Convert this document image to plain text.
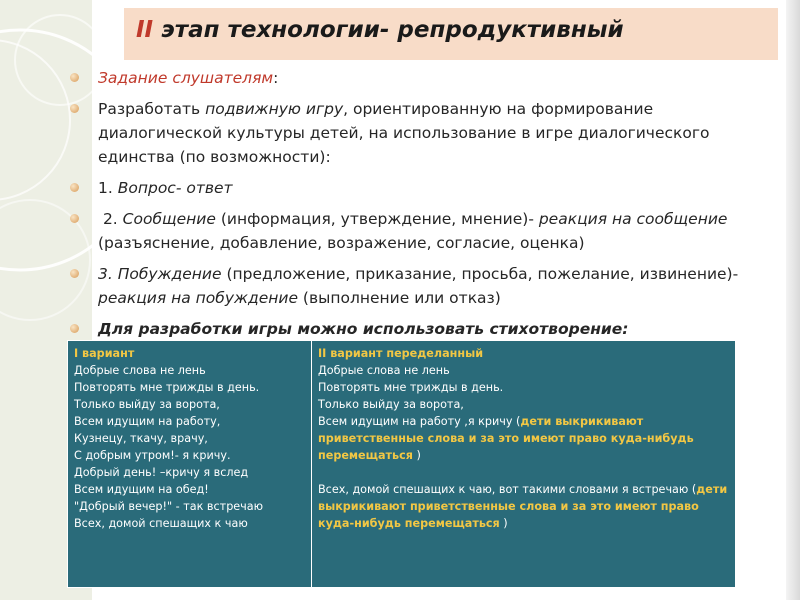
II этап технологии- репродуктивный
Задание слушателям:
Разработать подвижную игру, ориентированную на формирование диалогической культуры детей, на использование в игре диалогического единства (по возможности):
1. Вопрос- ответ
2. Сообщение (информация, утверждение, мнение)- реакция на сообщение (разъяснение, добавление, возражение, согласие, оценка)
3. Побуждение (предложение, приказание, просьба, пожелание, извинение)- реакция на побуждение (выполнение или отказ)
Для разработки игры можно использовать стихотворение:
I вариант
Добрые слова не лень
Повторять мне трижды в день.
Только выйду за ворота,
Всем идущим на работу,
Кузнецу, ткачу, врачу,
С добрым утром!- я кричу.
Добрый день! –кричу я вслед
Всем идущим на обед!
"Добрый вечер!" - так встречаю
Всех, домой спешащих к чаю
II вариант переделанный
Добрые слова не лень
Повторять мне трижды в день.
Только выйду за ворота,
Всем идущим на работу ,я кричу (дети выкрикивают приветственные слова и за это имеют право куда-нибудь перемещаться )
Всех, домой спешащих к чаю, вот такими словами я встречаю (дети выкрикивают приветственные слова и за это имеют право куда-нибудь перемещаться )
